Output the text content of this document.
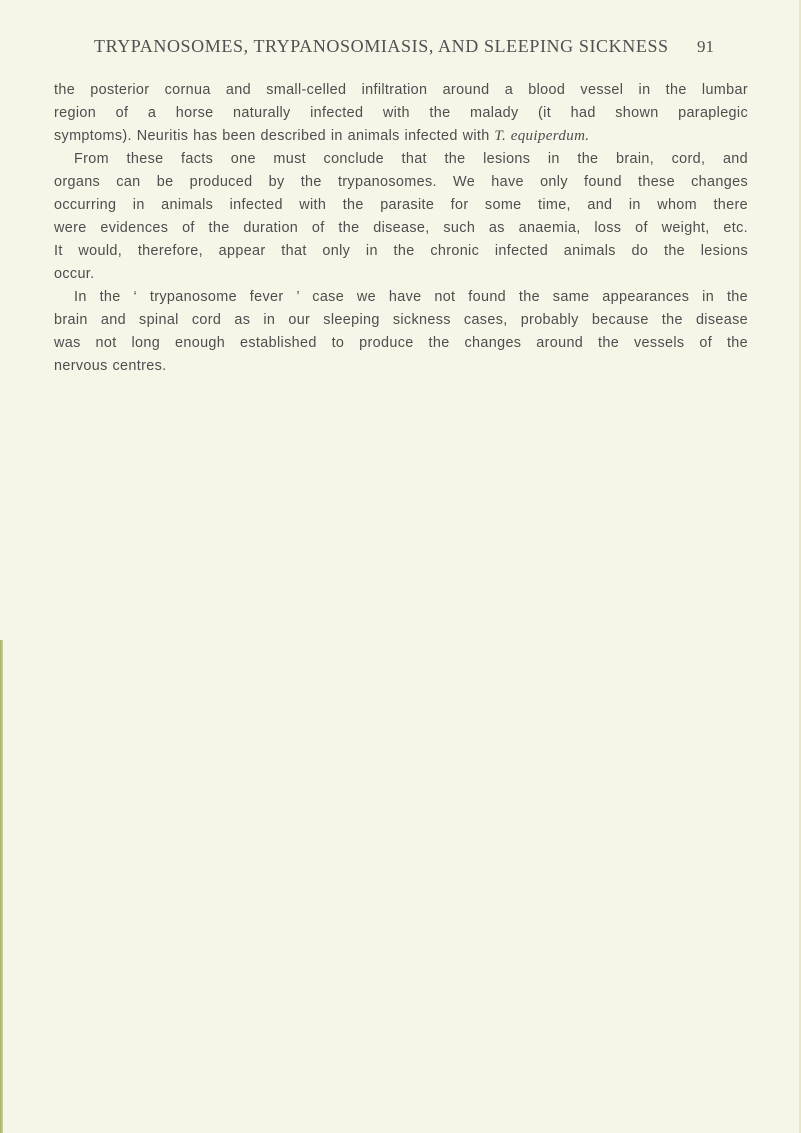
TRYPANOSOMES, TRYPANOSOMIASIS, AND SLEEPING SICKNESS 91
the posterior cornua and small-celled infiltration around a blood vessel in the lumbar
region of a horse naturally infected with the malady (it had shown paraplegic
symptoms). Neuritis has been described in animals infected with T. equiperdum.
From these facts one must conclude that the lesions in the brain, cord, and
organs can be produced by the trypanosomes. We have only found these changes
occurring in animals infected with the parasite for some time, and in whom there
were evidences of the duration of the disease, such as anaemia, loss of weight, etc.
It would, therefore, appear that only in the chronic infected animals do the lesions
occur.
In the ‘ trypanosome fever ’ case we have not found the same appearances in the
brain and spinal cord as in our sleeping sickness cases, probably because the disease
was not long enough established to produce the changes around the vessels of the
nervous centres.
